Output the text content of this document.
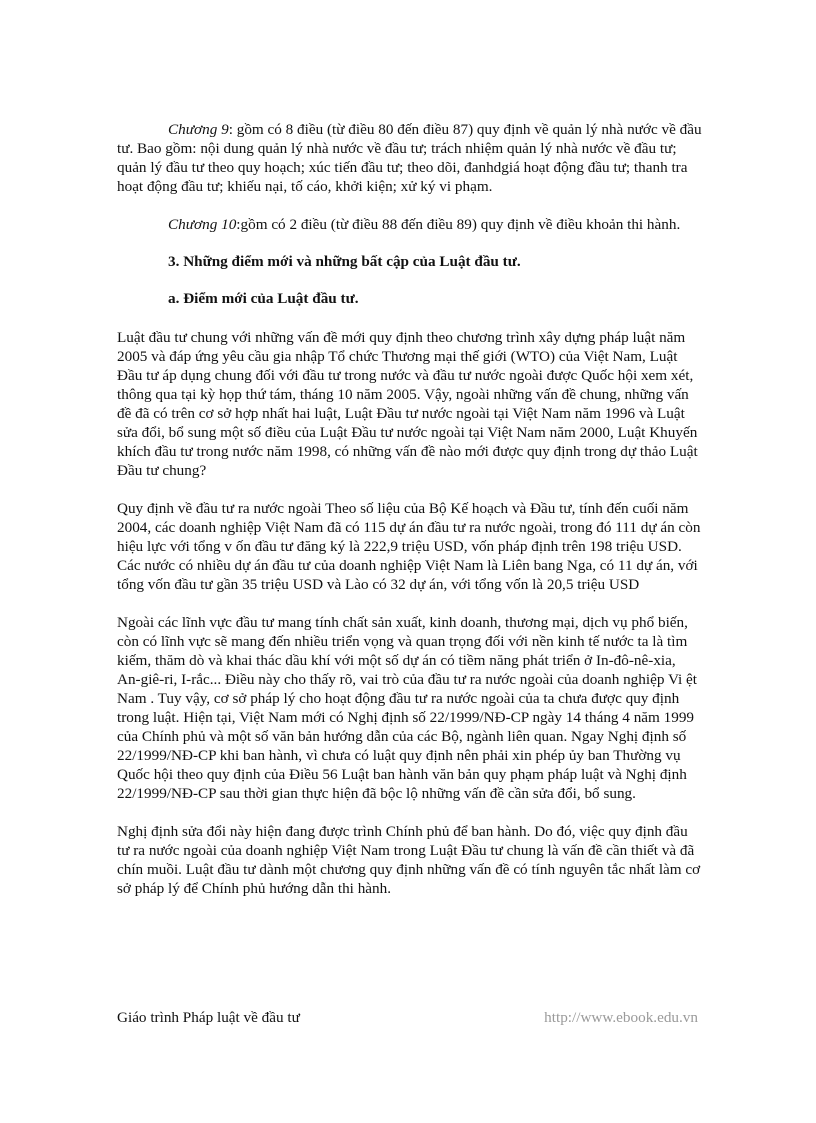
Chương 9: gồm có 8 điều (từ điều 80 đến điều 87) quy định về quản lý nhà nước về đầu tư. Bao gồm: nội dung quản lý nhà nước về đầu tư; trách nhiệm quản lý nhà nước về đầu tư; quản lý đầu tư theo quy hoạch; xúc tiến đầu tư; theo dõi, đanhdgiá hoạt động đầu tư; thanh tra hoạt động đầu tư; khiếu nại, tố cáo, khởi kiện; xử ký vi phạm.

Chương 10:gồm có 2 điều (từ điều 88 đến điều 89) quy định về điều khoản thi hành.

3. Những điểm mới và những bất cập của Luật đầu tư.

a. Điểm mới của Luật đầu tư.

Luật đầu tư chung với những vấn đề mới quy định theo chương trình xây dựng pháp luật năm 2005 và đáp ứng yêu cầu gia nhập Tổ chức Thương mại thế giới (WTO) của Việt Nam, Luật Đầu tư áp dụng chung đối với đầu tư trong nước và đầu tư nước ngoài được Quốc hội xem xét, thông qua tại kỳ họp thứ tám, tháng 10 năm 2005. Vậy, ngoài những vấn đề chung, những vấn đề đã có trên cơ sở hợp nhất hai luật, Luật Đầu tư nước ngoài tại Việt Nam năm 1996 và Luật sửa đổi, bổ sung một số điều của Luật Đầu tư nước ngoài tại Việt Nam năm 2000, Luật Khuyến khích đầu tư trong nước năm 1998, có những vấn đề nào mới được quy định trong dự thảo Luật Đầu tư chung?

Quy định về đầu tư ra nước ngoài Theo số liệu của Bộ Kế hoạch và Đầu tư, tính đến cuối năm 2004, các doanh nghiệp Việt Nam đã có 115 dự án đầu tư ra nước ngoài, trong đó 111 dự án còn hiệu lực với tổng v ốn đầu tư đăng ký là 222,9 triệu USD, vốn pháp định trên 198 triệu USD. Các nước có nhiều dự án đầu tư của doanh nghiệp Việt Nam là Liên bang Nga, có 11 dự án, với tổng vốn đầu tư gần 35 triệu USD và Lào có 32 dự án, với tổng vốn là 20,5 triệu USD

Ngoài các lĩnh vực đầu tư mang tính chất sản xuất, kinh doanh, thương mại, dịch vụ phổ biến, còn có lĩnh vực sẽ mang đến nhiều triển vọng và quan trọng đối với nền kinh tế nước ta là tìm kiếm, thăm dò và khai thác dầu khí với một số dự án có tiềm năng phát triển ở In-đô-nê-xia, An-giê-ri, I-rắc... Điều này cho thấy rõ, vai trò của đầu tư ra nước ngoài của doanh nghiệp Vi ệt Nam . Tuy vậy, cơ sở pháp lý cho hoạt động đầu tư ra nước ngoài của ta chưa được quy định trong luật. Hiện tại, Việt Nam mới có Nghị định số 22/1999/NĐ-CP ngày 14 tháng 4 năm 1999 của Chính phủ và một số văn bản hướng dẫn của các Bộ, ngành liên quan. Ngay Nghị định số 22/1999/NĐ-CP khi ban hành, vì chưa có luật quy định nên phải xin phép ủy ban Thường vụ Quốc hội theo quy định của Điều 56 Luật ban hành văn bản quy phạm pháp luật và Nghị định 22/1999/NĐ-CP sau thời gian thực hiện đã bộc lộ những vấn đề cần sửa đổi, bổ sung.

Nghị định sửa đổi này hiện đang được trình Chính phủ để ban hành. Do đó, việc quy định đầu tư ra nước ngoài của doanh nghiệp Việt Nam trong Luật Đầu tư chung là vấn đề cần thiết và đã chín muồi. Luật đầu tư dành một chương quy định những vấn đề có tính nguyên tắc nhất làm cơ sở pháp lý để Chính phủ hướng dẫn thi hành.

Giáo trình Pháp luật về đầu tư	http://www.ebook.edu.vn
